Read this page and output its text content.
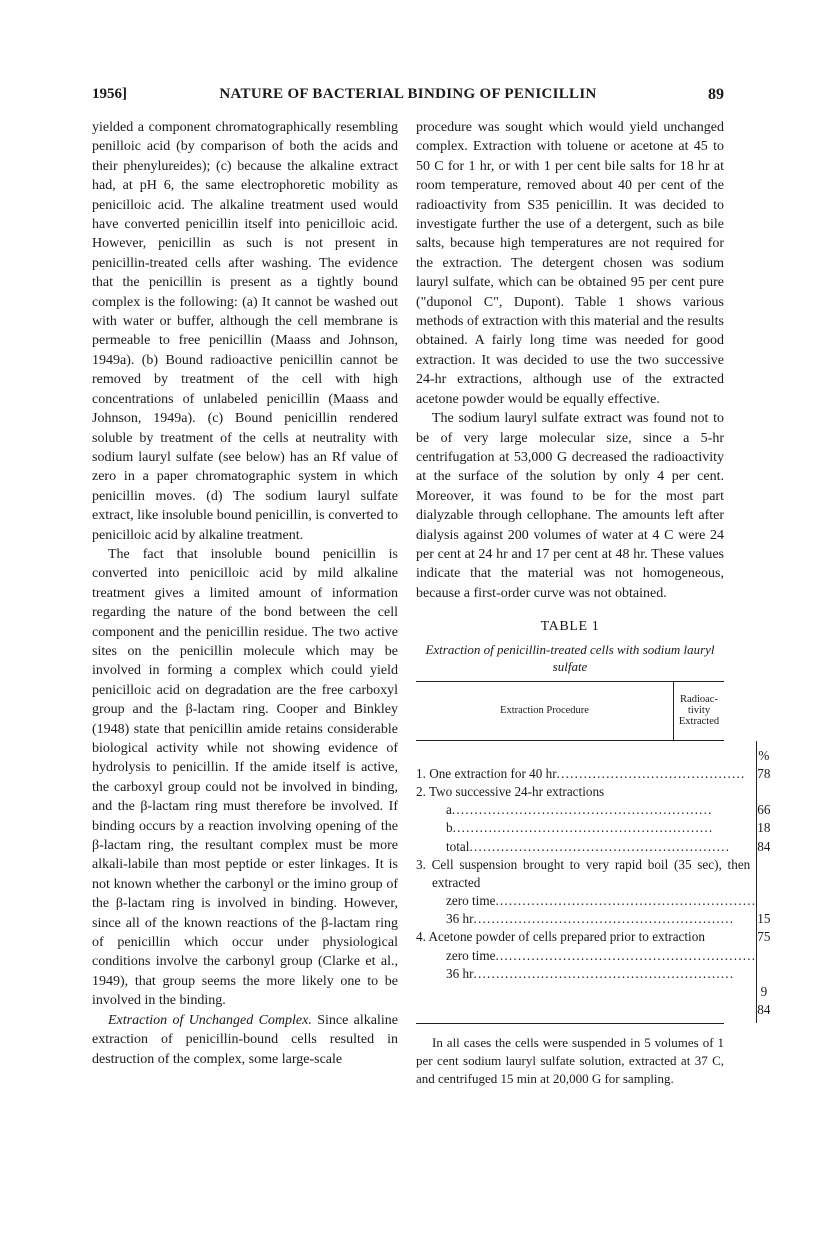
1956]	NATURE OF BACTERIAL BINDING OF PENICILLIN	89

yielded a component chromatographically resembling penilloic acid (by comparison of both the acids and their phenylureides); (c) because the alkaline extract had, at pH 6, the same electrophoretic mobility as penicilloic acid. The alkaline treatment used would have converted penicillin itself into penicilloic acid. However, penicillin as such is not present in penicillin-treated cells after washing. The evidence that the penicillin is present as a tightly bound complex is the following: (a) It cannot be washed out with water or buffer, although the cell membrane is permeable to free penicillin (Maass and Johnson, 1949a). (b) Bound radioactive penicillin cannot be removed by treatment of the cell with high concentrations of unlabeled penicillin (Maass and Johnson, 1949a). (c) Bound penicillin rendered soluble by treatment of the cells at neutrality with sodium lauryl sulfate (see below) has an Rf value of zero in a paper chromatographic system in which penicillin moves. (d) The sodium lauryl sulfate extract, like insoluble bound penicillin, is converted to penicilloic acid by alkaline treatment.

The fact that insoluble bound penicillin is converted into penicilloic acid by mild alkaline treatment gives a limited amount of information regarding the nature of the bond between the cell component and the penicillin residue. The two active sites on the penicillin molecule which may be involved in forming a complex which could yield penicilloic acid on degradation are the free carboxyl group and the β-lactam ring. Cooper and Binkley (1948) state that penicillin amide retains considerable biological activity while not showing evidence of hydrolysis to penicillin. If the amide itself is active, the carboxyl group could not be involved in binding, and the β-lactam ring must therefore be involved. If binding occurs by a reaction involving opening of the β-lactam ring, the resultant complex must be more alkali-labile than most peptide or ester linkages. It is not known whether the carbonyl or the imino group of the β-lactam ring is involved in binding. However, since all of the known reactions of the β-lactam ring of penicillin which occur under physiological conditions involve the carbonyl group (Clarke et al., 1949), that group seems the more likely one to be involved in the binding.

Extraction of Unchanged Complex. Since alkaline extraction of penicillin-bound cells resulted in destruction of the complex, some large-scale

procedure was sought which would yield unchanged complex. Extraction with toluene or acetone at 45 to 50 C for 1 hr, or with 1 per cent bile salts for 18 hr at room temperature, removed about 40 per cent of the radioactivity from S35 penicillin. It was decided to investigate further the use of a detergent, such as bile salts, because high temperatures are not required for the extraction. The detergent chosen was sodium lauryl sulfate, which can be obtained 95 per cent pure ("duponol C", Dupont). Table 1 shows various methods of extraction with this material and the results obtained. A fairly long time was needed for good extraction. It was decided to use the two successive 24-hr extractions, although use of the extracted acetone powder would be equally effective.

The sodium lauryl sulfate extract was found not to be of very large molecular size, since a 5-hr centrifugation at 53,000 G decreased the radioactivity at the surface of the solution by only 4 per cent. Moreover, it was found to be for the most part dialyzable through cellophane. The amounts left after dialysis against 200 volumes of water at 4 C were 24 per cent at 24 hr and 17 per cent at 48 hr. These values indicate that the material was not homogeneous, because a first-order curve was not obtained.

TABLE 1
Extraction of penicillin-treated cells with sodium lauryl sulfate
Extraction Procedure
Radioac-tivity Extracted

1. One extraction for 40 hr ..........................................
2. Two successive 24-hr extractions
a ..........................................................
b ..........................................................
total ..........................................................
3. Cell suspension brought to very rapid boil (35 sec), then extracted
zero time ..........................................................
36 hr ..........................................................
4. Acetone powder of cells prepared prior to extraction
zero time ..........................................................
36 hr ..........................................................
%
78

66
18
84

15
75

9
84

In all cases the cells were suspended in 5 volumes of 1 per cent sodium lauryl sulfate solution, extracted at 37 C, and centrifuged 15 min at 20,000 G for sampling.
